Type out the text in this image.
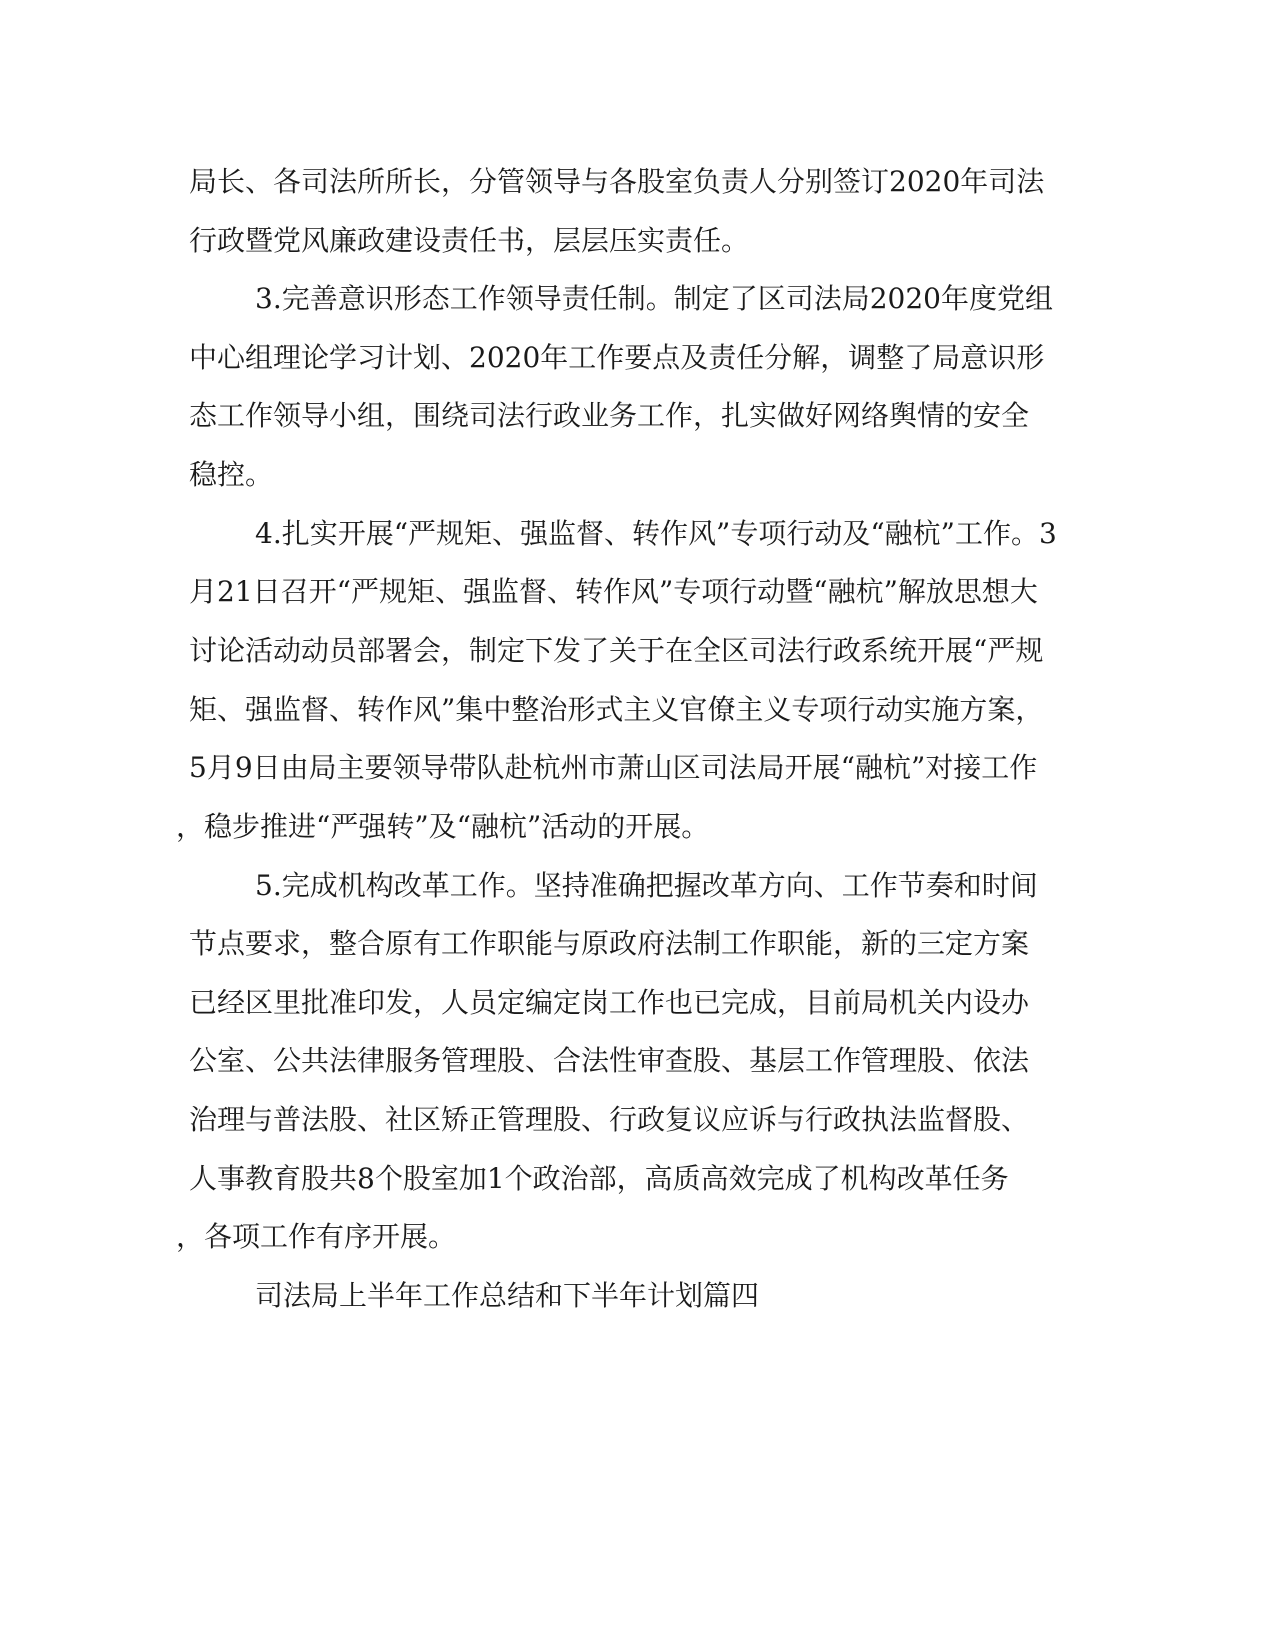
局长、各司法所所长，分管领导与各股室负责人分别签订2020年司法
行政暨党风廉政建设责任书，层层压实责任。
3.完善意识形态工作领导责任制。制定了区司法局2020年度党组
中心组理论学习计划、2020年工作要点及责任分解，调整了局意识形
态工作领导小组，围绕司法行政业务工作，扎实做好网络舆情的安全
稳控。
4.扎实开展“严规矩、强监督、转作风”专项行动及“融杭”工作。3
月21日召开“严规矩、强监督、转作风”专项行动暨“融杭”解放思想大
讨论活动动员部署会，制定下发了关于在全区司法行政系统开展“严规
矩、强监督、转作风”集中整治形式主义官僚主义专项行动实施方案，
5月9日由局主要领导带队赴杭州市萧山区司法局开展“融杭”对接工作
，稳步推进“严强转”及“融杭”活动的开展。
5.完成机构改革工作。坚持准确把握改革方向、工作节奏和时间
节点要求，整合原有工作职能与原政府法制工作职能，新的三定方案
已经区里批准印发，人员定编定岗工作也已完成，目前局机关内设办
公室、公共法律服务管理股、合法性审查股、基层工作管理股、依法
治理与普法股、社区矫正管理股、行政复议应诉与行政执法监督股、
人事教育股共8个股室加1个政治部，高质高效完成了机构改革任务
，各项工作有序开展。
司法局上半年工作总结和下半年计划篇四
